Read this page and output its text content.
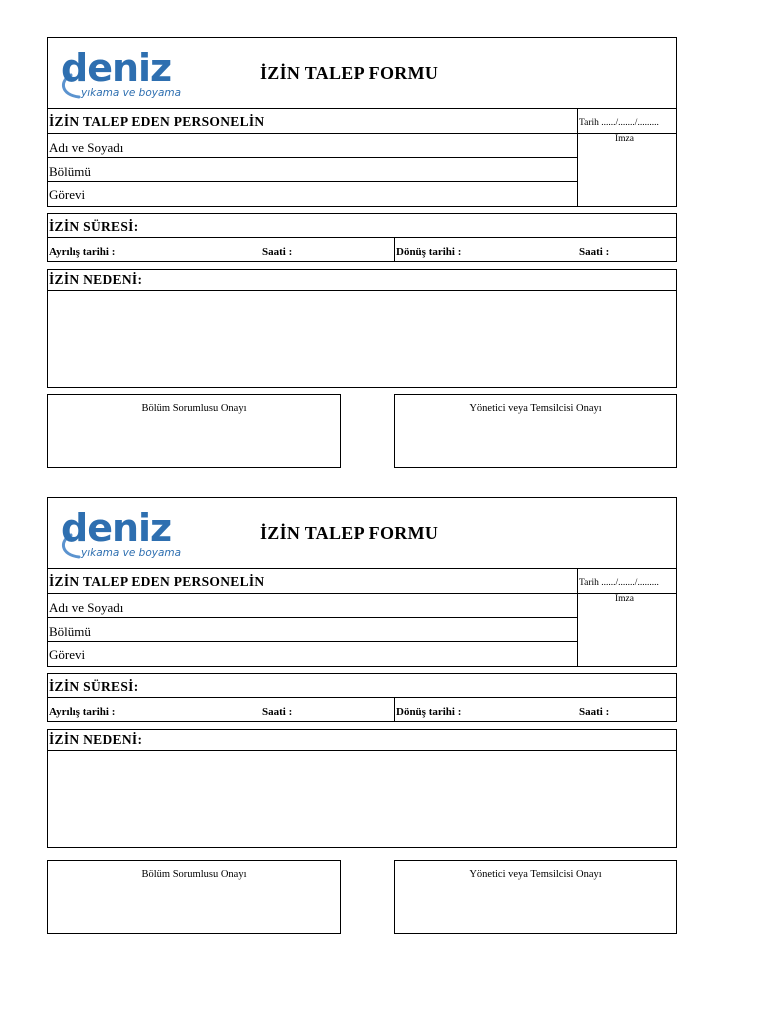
deniz
yıkama ve boyama
İZİN TALEP FORMU
İZİN TALEP EDEN PERSONELİN	Tarih ....../......./.........
İmza
Adı ve Soyadı
Bölümü
Görevi
İZİN SÜRESİ:
Ayrılış tarihi :	Saati :	Dönüş tarihi :	Saati :
İZİN NEDENİ:
Bölüm Sorumlusu Onayı	Yönetici veya Temsilcisi Onayı
deniz
yıkama ve boyama
İZİN TALEP FORMU
İZİN TALEP EDEN PERSONELİN	Tarih ....../......./.........
İmza
Adı ve Soyadı
Bölümü
Görevi
İZİN SÜRESİ:
Ayrılış tarihi :	Saati :	Dönüş tarihi :	Saati :
İZİN NEDENİ:
Bölüm Sorumlusu Onayı	Yönetici veya Temsilcisi Onayı
